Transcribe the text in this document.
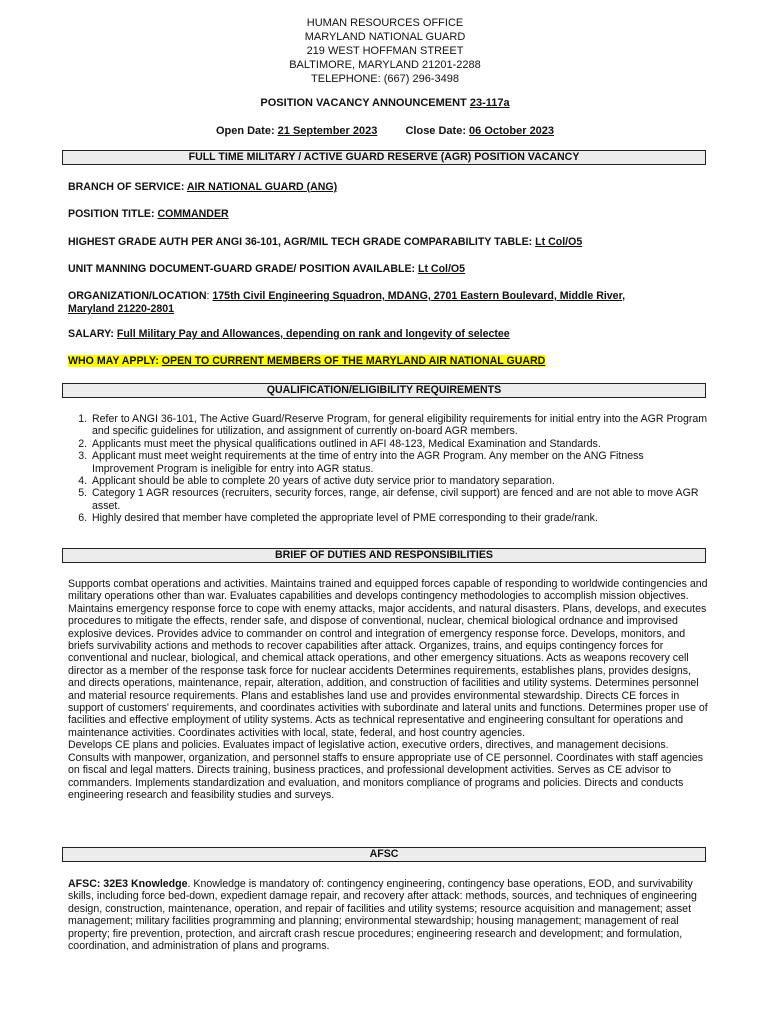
HUMAN RESOURCES OFFICE
MARYLAND NATIONAL GUARD
219 WEST HOFFMAN STREET
BALTIMORE, MARYLAND 21201-2288
TELEPHONE: (667) 296-3498
POSITION VACANCY ANNOUNCEMENT 23-117a
Open Date: 21 September 2023	Close Date: 06 October 2023
FULL TIME MILITARY / ACTIVE GUARD RESERVE (AGR) POSITION VACANCY
BRANCH OF SERVICE: AIR NATIONAL GUARD (ANG)
POSITION TITLE: COMMANDER
HIGHEST GRADE AUTH PER ANGI 36-101, AGR/MIL TECH GRADE COMPARABILITY TABLE: Lt Col/O5
UNIT MANNING DOCUMENT-GUARD GRADE/ POSITION AVAILABLE: Lt Col/O5
ORGANIZATION/LOCATION: 175th Civil Engineering Squadron, MDANG, 2701 Eastern Boulevard, Middle River,
Maryland 21220-2801
SALARY: Full Military Pay and Allowances, depending on rank and longevity of selectee
WHO MAY APPLY: OPEN TO CURRENT MEMBERS OF THE MARYLAND AIR NATIONAL GUARD
QUALIFICATION/ELIGIBILITY REQUIREMENTS
1. Refer to ANGI 36-101, The Active Guard/Reserve Program, for general eligibility requirements for initial entry into the AGR Program and specific guidelines for utilization, and assignment of currently on-board AGR members.
2. Applicants must meet the physical qualifications outlined in AFI 48-123, Medical Examination and Standards.
3. Applicant must meet weight requirements at the time of entry into the AGR Program. Any member on the ANG Fitness Improvement Program is ineligible for entry into AGR status.
4. Applicant should be able to complete 20 years of active duty service prior to mandatory separation.
5. Category 1 AGR resources (recruiters, security forces, range, air defense, civil support) are fenced and are not able to move AGR asset.
6. Highly desired that member have completed the appropriate level of PME corresponding to their grade/rank.
BRIEF OF DUTIES AND RESPONSIBILITIES
Supports combat operations and activities. Maintains trained and equipped forces capable of responding to worldwide contingencies and military operations other than war. Evaluates capabilities and develops contingency methodologies to accomplish mission objectives. Maintains emergency response force to cope with enemy attacks, major accidents, and natural disasters. Plans, develops, and executes procedures to mitigate the effects, render safe, and dispose of conventional, nuclear, chemical biological ordnance and improvised explosive devices. Provides advice to commander on control and integration of emergency response force. Develops, monitors, and briefs survivability actions and methods to recover capabilities after attack. Organizes, trains, and equips contingency forces for conventional and nuclear, biological, and chemical attack operations, and other emergency situations. Acts as weapons recovery cell director as a member of the response task force for nuclear accidents Determines requirements, establishes plans, provides designs, and directs operations, maintenance, repair, alteration, addition, and construction of facilities and utility systems. Determines personnel and material resource requirements. Plans and establishes land use and provides environmental stewardship. Directs CE forces in support of customers' requirements, and coordinates activities with subordinate and lateral units and functions. Determines proper use of facilities and effective employment of utility systems. Acts as technical representative and engineering consultant for operations and maintenance activities. Coordinates activities with local, state, federal, and host country agencies.
Develops CE plans and policies. Evaluates impact of legislative action, executive orders, directives, and management decisions. Consults with manpower, organization, and personnel staffs to ensure appropriate use of CE personnel. Coordinates with staff agencies on fiscal and legal matters. Directs training, business practices, and professional development activities. Serves as CE advisor to commanders. Implements standardization and evaluation, and monitors compliance of programs and policies. Directs and conducts engineering research and feasibility studies and surveys.
AFSC
AFSC: 32E3 Knowledge. Knowledge is mandatory of: contingency engineering, contingency base operations, EOD, and survivability skills, including force bed-down, expedient damage repair, and recovery after attack: methods, sources, and techniques of engineering design, construction, maintenance, operation, and repair of facilities and utility systems; resource acquisition and management; asset management; military facilities programming and planning; environmental stewardship; housing management; management of real property; fire prevention, protection, and aircraft crash rescue procedures; engineering research and development; and formulation, coordination, and administration of plans and programs.
